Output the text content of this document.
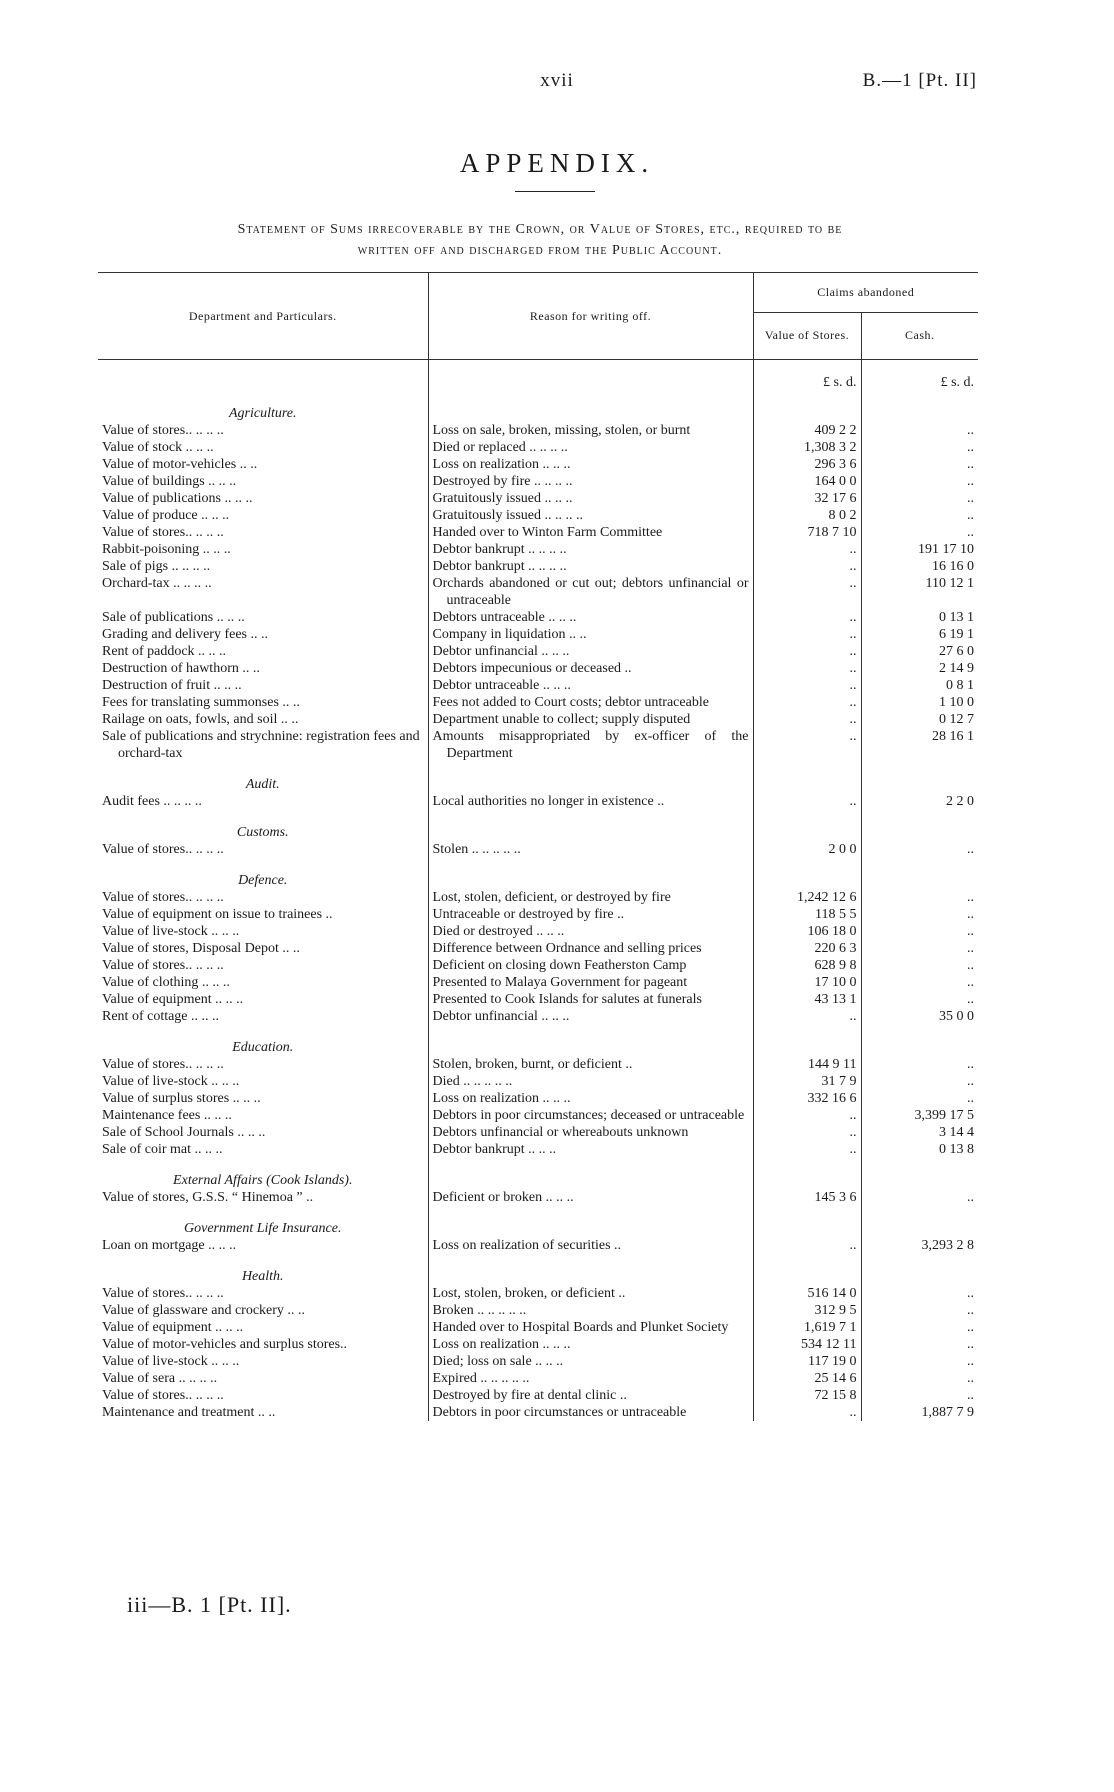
xvii	B.—1 [Pt. II]
APPENDIX.
Statement of Sums irrecoverable by the Crown, or Value of Stores, etc., required to be
written off and discharged from the Public Account.
Department and Particulars.	Reason for writing off.	Claims abandoned	
		Value of Stores.	Cash.
		£ s. d.	£ s. d.
Agriculture.			

Value of stores.. .. .. ..	Loss on sale, broken, missing, stolen, or burnt	409 2 2	..

Value of stock .. .. ..	Died or replaced .. .. .. ..	1,308 3 2	..

Value of motor-vehicles .. ..	Loss on realization .. .. ..	296 3 6	..

Value of buildings .. .. ..	Destroyed by fire .. .. .. ..	164 0 0	..

Value of publications .. .. ..	Gratuitously issued .. .. ..	32 17 6	..

Value of produce .. .. ..	Gratuitously issued .. .. .. ..	8 0 2	..

Value of stores.. .. .. ..	Handed over to Winton Farm Committee	718 7 10	..

Rabbit-poisoning .. .. ..	Debtor bankrupt .. .. .. ..	..	191 17 10

Sale of pigs .. .. .. ..	Debtor bankrupt .. .. .. ..	..	16 16 0

Orchard-tax .. .. .. ..	Orchards abandoned or cut out; debtors unfinancial or untraceable	..	110 12 1

Sale of publications .. .. ..	Debtors untraceable .. .. ..	..	0 13 1

Grading and delivery fees .. ..	Company in liquidation .. ..	..	6 19 1

Rent of paddock .. .. ..	Debtor unfinancial .. .. ..	..	27 6 0

Destruction of hawthorn .. ..	Debtors impecunious or deceased ..	..	2 14 9

Destruction of fruit .. .. ..	Debtor untraceable .. .. ..	..	0 8 1

Fees for translating summonses .. ..	Fees not added to Court costs; debtor untraceable	..	1 10 0

Railage on oats, fowls, and soil .. ..	Department unable to collect; supply disputed	..	0 12 7

Sale of publications and strychnine: registration fees and orchard-tax	Amounts misappropriated by ex-officer of the Department	..	28 16 1
Audit.			

Audit fees .. .. .. ..	Local authorities no longer in existence ..	..	2 2 0
Customs.			

Value of stores.. .. .. ..	Stolen .. .. .. .. ..	2 0 0	..
Defence.			

Value of stores.. .. .. ..	Lost, stolen, deficient, or destroyed by fire	1,242 12 6	..

Value of equipment on issue to trainees ..	Untraceable or destroyed by fire ..	118 5 5	..

Value of live-stock .. .. ..	Died or destroyed .. .. ..	106 18 0	..

Value of stores, Disposal Depot .. ..	Difference between Ordnance and selling prices	220 6 3	..

Value of stores.. .. .. ..	Deficient on closing down Featherston Camp	628 9 8	..

Value of clothing .. .. ..	Presented to Malaya Government for pageant	17 10 0	..

Value of equipment .. .. ..	Presented to Cook Islands for salutes at funerals	43 13 1	..

Rent of cottage .. .. ..	Debtor unfinancial .. .. ..	..	35 0 0
Education.			

Value of stores.. .. .. ..	Stolen, broken, burnt, or deficient ..	144 9 11	..

Value of live-stock .. .. ..	Died .. .. .. .. ..	31 7 9	..

Value of surplus stores .. .. ..	Loss on realization .. .. ..	332 16 6	..

Maintenance fees .. .. ..	Debtors in poor circumstances; deceased or untraceable	..	3,399 17 5

Sale of School Journals .. .. ..	Debtors unfinancial or whereabouts unknown	..	3 14 4

Sale of coir mat .. .. ..	Debtor bankrupt .. .. ..	..	0 13 8
External Affairs (Cook Islands).			

Value of stores, G.S.S. “ Hinemoa ” ..	Deficient or broken .. .. ..	145 3 6	..
Government Life Insurance.			

Loan on mortgage .. .. ..	Loss on realization of securities ..	..	3,293 2 8
Health.			

Value of stores.. .. .. ..	Lost, stolen, broken, or deficient ..	516 14 0	..

Value of glassware and crockery .. ..	Broken .. .. .. .. ..	312 9 5	..

Value of equipment .. .. ..	Handed over to Hospital Boards and Plunket Society	1,619 7 1	..

Value of motor-vehicles and surplus stores..	Loss on realization .. .. ..	534 12 11	..

Value of live-stock .. .. ..	Died; loss on sale .. .. ..	117 19 0	..

Value of sera .. .. .. ..	Expired .. .. .. .. ..	25 14 6	..

Value of stores.. .. .. ..	Destroyed by fire at dental clinic ..	72 15 8	..

Maintenance and treatment .. ..	Debtors in poor circumstances or untraceable	..	1,887 7 9
iii—B. 1 [Pt. II].
